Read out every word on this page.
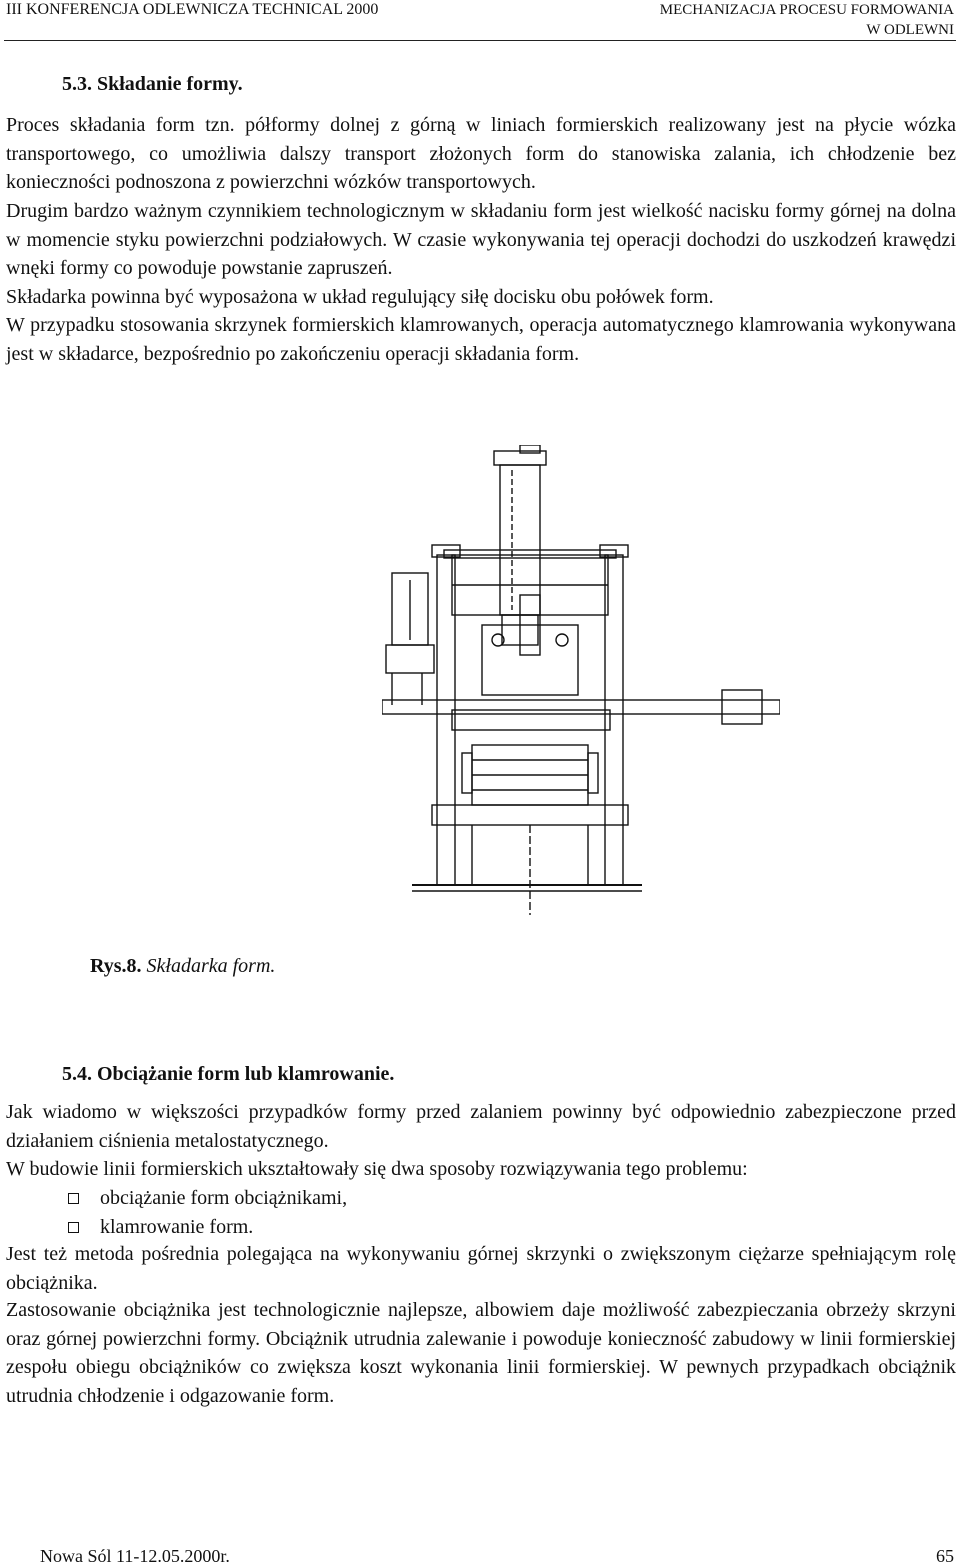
III KONFERENCJA ODLEWNICZA TECHNICAL 2000	MECHANIZACJA PROCESU FORMOWANIA
W ODLEWNI
5.3. Składanie formy.

Proces składania form tzn. półformy dolnej z górną w liniach formierskich realizowany jest na płycie wózka transportowego, co umożliwia dalszy transport złożonych form do stanowiska zalania, ich chłodzenie bez konieczności podnoszona z powierzchni wózków transportowych.

Drugim bardzo ważnym czynnikiem technologicznym w składaniu form jest wielkość nacisku formy górnej na dolna w momencie styku powierzchni podziałowych. W czasie wykonywania tej operacji dochodzi do uszkodzeń krawędzi wnęki formy co powoduje powstanie zapruszeń.

Składarka powinna być wyposażona w układ regulujący siłę docisku obu połówek form.

W przypadku stosowania skrzynek formierskich klamrowanych, operacja automatycznego klamrowania wykonywana jest w składarce, bezpośrednio po zakończeniu operacji składania form.

Rys.8. Składarka form.
5.4. Obciążanie form lub klamrowanie.

Jak wiadomo w większości przypadków formy przed zalaniem powinny być odpowiednio zabezpieczone przed działaniem ciśnienia metalostatycznego.

W budowie linii formierskich ukształtowały się dwa sposoby rozwiązywania tego problemu:

obciążanie form obciążnikami,
klamrowanie form.

Jest też metoda pośrednia polegająca na wykonywaniu górnej skrzynki o zwiększonym ciężarze spełniającym rolę obciążnika.

Zastosowanie obciążnika jest technologicznie najlepsze, albowiem daje możliwość zabezpieczania obrzeży skrzyni oraz górnej powierzchni formy. Obciążnik utrudnia zalewanie i powoduje konieczność zabudowy w linii formierskiej zespołu obiegu obciążników co zwiększa koszt wykonania linii formierskiej. W pewnych przypadkach obciążnik utrudnia chłodzenie i odgazowanie form.

Nowa Sól 11-12.05.2000r.	65
